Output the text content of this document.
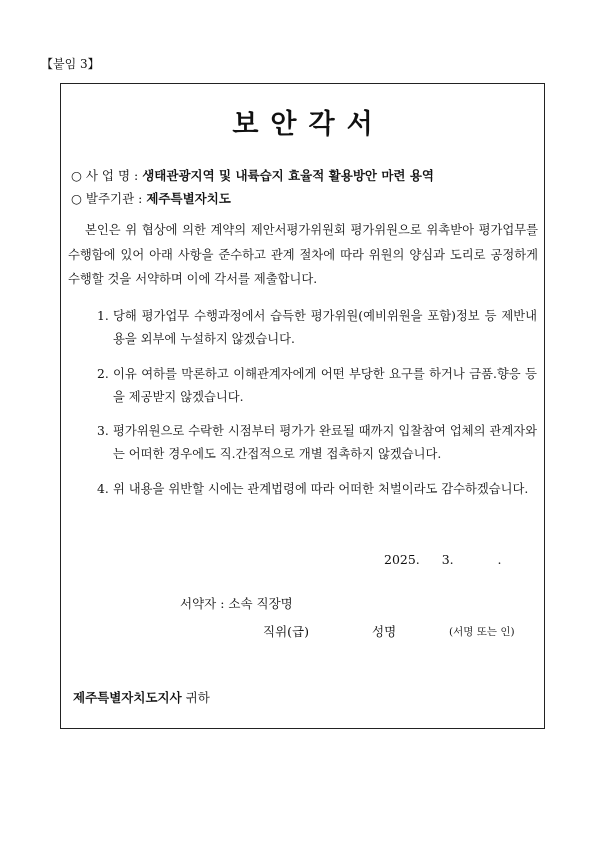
【붙임 3】
보안각서
○ 사 업 명 : 생태관광지역 및 내륙습지 효율적 활용방안 마련 용역
○ 발주기관 : 제주특별자치도
본인은 위 협상에 의한 계약의 제안서평가위원회 평가위원으로 위촉받아 평가업무를 수행함에 있어 아래 사항을 준수하고 관계 절차에 따라 위원의 양심과 도리로 공정하게 수행할 것을 서약하며 이에 각서를 제출합니다.
1. 당해 평가업무 수행과정에서 습득한 평가위원(예비위원을 포함)정보 등 제반내용을 외부에 누설하지 않겠습니다.
2. 이유 여하를 막론하고 이해관계자에게 어떤 부당한 요구를 하거나 금품.향응 등을 제공받지 않겠습니다.
3. 평가위원으로 수락한 시점부터 평가가 완료될 때까지 입찰참여 업체의 관계자와는 어떠한 경우에도 직.간접적으로 개별 접촉하지 않겠습니다.
4. 위 내용을 위반할 시에는 관계법령에 따라 어떠한 처벌이라도 감수하겠습니다.
2025.  3.    .
서약자 : 소속 직장명
직위(급)	성명	(서명 또는 인)
제주특별자치도지사 귀하
